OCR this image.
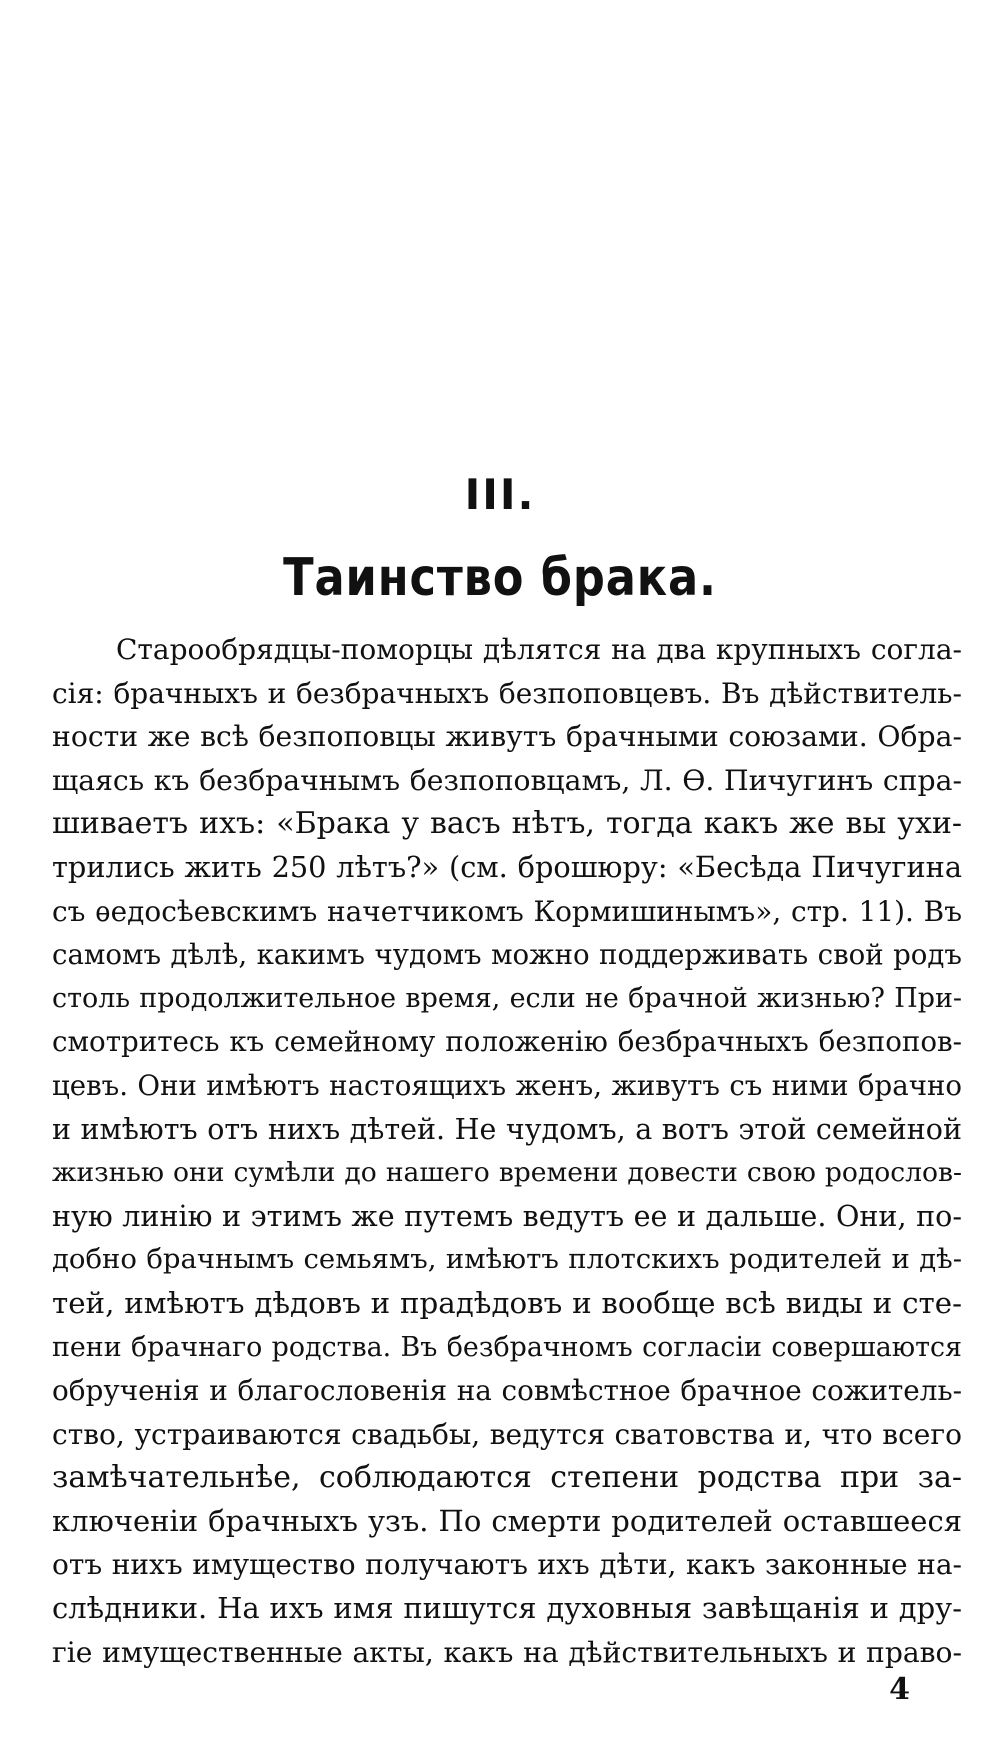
III.
Таинство брака.
Старообрядцы-поморцы дѣлятся на два крупныхъ согла-
сія: брачныхъ и безбрачныхъ безпоповцевъ. Въ дѣйствитель-
ности же всѣ безпоповцы живутъ брачными союзами. Обра-
щаясь къ безбрачнымъ безпоповцамъ, Л. Ѳ. Пичугинъ спра-
шиваетъ ихъ: «Брака у васъ нѣтъ, тогда какъ же вы ухи-
трились жить 250 лѣтъ?» (см. брошюру: «Бесѣда Пичугина
съ ѳедосѣевскимъ начетчикомъ Кормишинымъ», стр. 11). Въ
самомъ дѣлѣ, какимъ чудомъ можно поддерживать свой родъ
столь продолжительное время, если не брачной жизнью? При-
смотритесь къ семейному положенію безбрачныхъ безпопов-
цевъ. Они имѣютъ настоящихъ женъ, живутъ съ ними брачно
и имѣютъ отъ нихъ дѣтей. Не чудомъ, а вотъ этой семейной
жизнью они сумѣли до нашего времени довести свою родослов-
ную линію и этимъ же путемъ ведутъ ее и дальше. Они, по-
добно брачнымъ семьямъ, имѣютъ плотскихъ родителей и дѣ-
тей, имѣютъ дѣдовъ и прадѣдовъ и вообще всѣ виды и сте-
пени брачнаго родства. Въ безбрачномъ согласіи совершаются
обрученія и благословенія на совмѣстное брачное сожитель-
ство, устраиваются свадьбы, ведутся сватовства и, что всего
замѣчательнѣе, соблюдаются степени родства при за-
ключеніи брачныхъ узъ. По смерти родителей оставшееся
отъ нихъ имущество получаютъ ихъ дѣти, какъ законные на-
слѣдники. На ихъ имя пишутся духовныя завѣщанія и дру-
гіе имущественные акты, какъ на дѣйствительныхъ и право-
4
